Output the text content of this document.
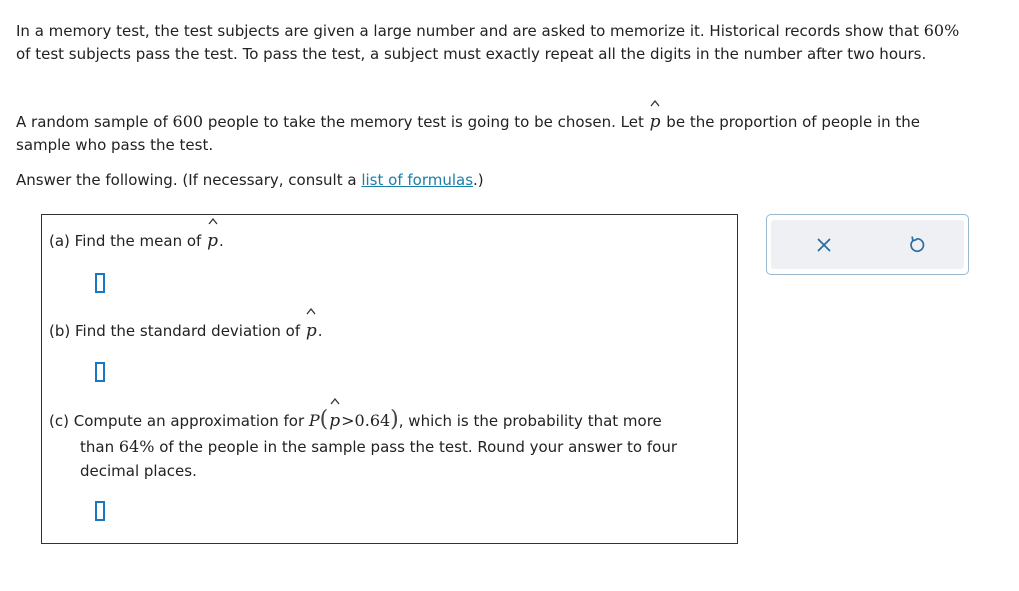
In a memory test, the test subjects are given a large number and are asked to memorize it. Historical records show that 60% of test subjects pass the test. To pass the test, a subject must exactly repeat all the digits in the number after two hours.

A random sample of 600 people to take the memory test is going to be chosen. Let
p be the proportion of people in the sample who pass the test.

Answer the following. (If necessary, consult a list of formulas.)

(a) Find the mean of
p.
(b) Find the standard deviation of
p.
(c) Compute an approximation for P(
p>0.64), which is the probability that more
than 64% of the people in the sample pass the test. Round your answer to four
decimal places.
